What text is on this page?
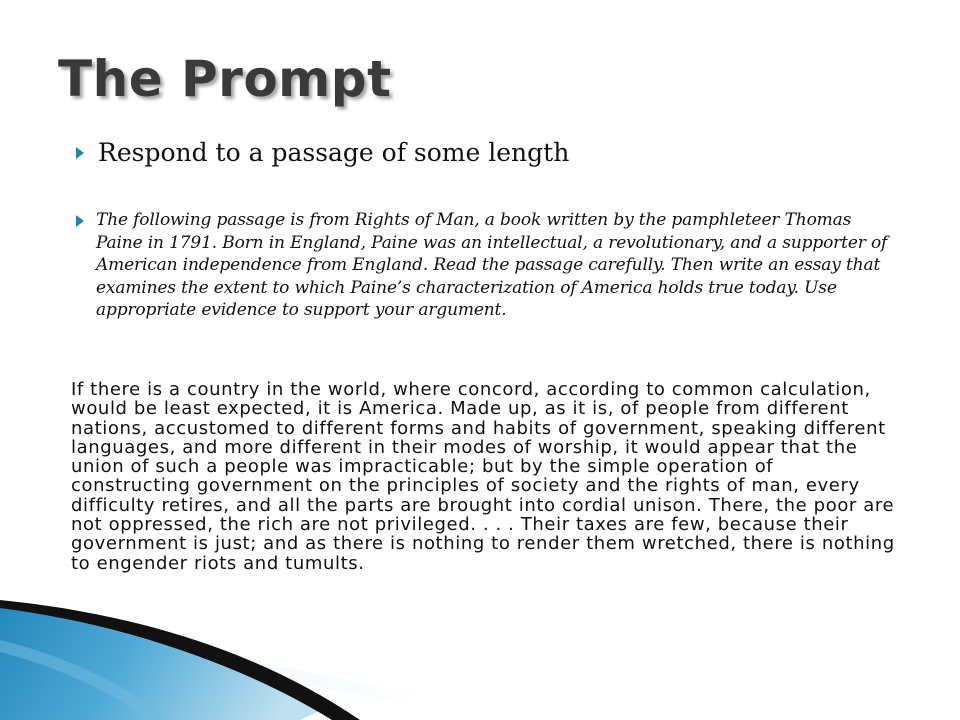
The Prompt
Respond to a passage of some length
The following passage is from Rights of Man, a book written by the pamphleteer Thomas Paine in 1791. Born in England, Paine was an intellectual, a revolutionary, and a supporter of American independence from England. Read the passage carefully. Then write an essay that examines the extent to which Paine’s characterization of America holds true today. Use appropriate evidence to support your argument.
If there is a country in the world, where concord, according to common calculation, would be least expected, it is America. Made up, as it is, of people from different nations, accustomed to different forms and habits of government, speaking different languages, and more different in their modes of worship, it would appear that the union of such a people was impracticable; but by the simple operation of constructing government on the principles of society and the rights of man, every difficulty retires, and all the parts are brought into cordial unison. There, the poor are not oppressed, the rich are not privileged. . . . Their taxes are few, because their government is just; and as there is nothing to render them wretched, there is nothing to engender riots and tumults.
